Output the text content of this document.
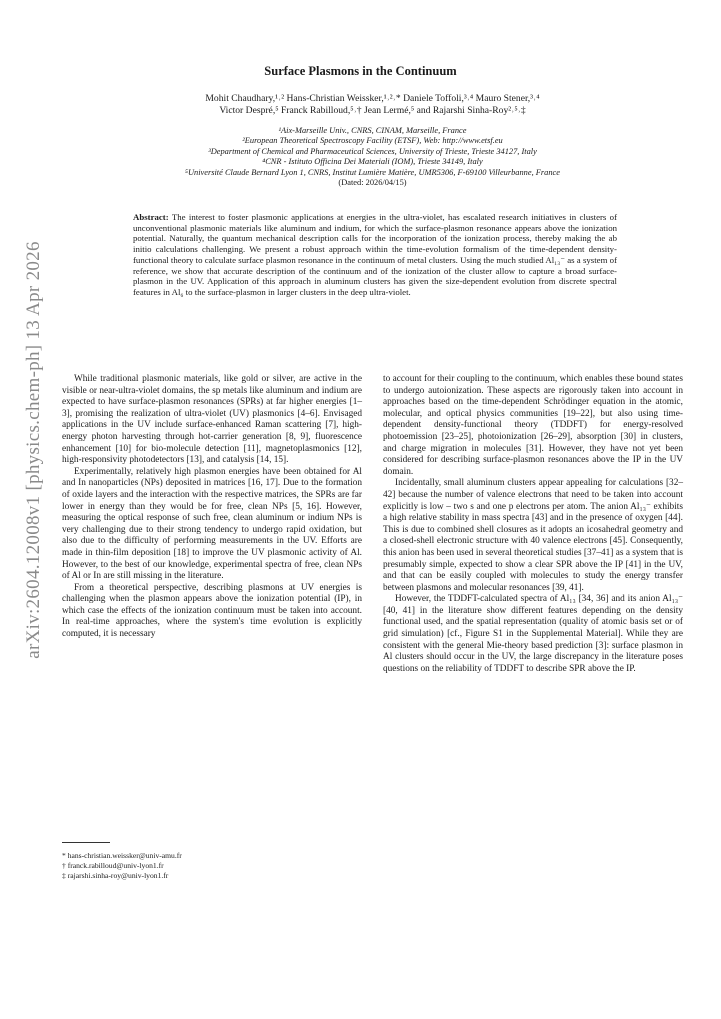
arXiv:2604.12008v1 [physics.chem-ph] 13 Apr 2026
Surface Plasmons in the Continuum
Mohit Chaudhary,¹˒² Hans-Christian Weissker,¹˒²˒* Daniele Toffoli,³˒⁴ Mauro Stener,³˒⁴
Victor Despré,⁵ Franck Rabilloud,⁵˒† Jean Lermé,⁵ and Rajarshi Sinha-Roy²˒⁵˒‡
¹Aix-Marseille Univ., CNRS, CINAM, Marseille, France
²European Theoretical Spectroscopy Facility (ETSF), Web: http://www.etsf.eu
³Department of Chemical and Pharmaceutical Sciences, University of Trieste, Trieste 34127, Italy
⁴CNR - Istituto Officina Dei Materiali (IOM), Trieste 34149, Italy
⁵Université Claude Bernard Lyon 1, CNRS, Institut Lumière Matière, UMR5306, F-69100 Villeurbanne, France
(Dated: 2026/04/15)
Abstract: The interest to foster plasmonic applications at energies in the ultra-violet, has escalated research initiatives in clusters of unconventional plasmonic materials like aluminum and indium, for which the surface-plasmon resonance appears above the ionization potential. Naturally, the quantum mechanical description calls for the incorporation of the ionization process, thereby making the ab initio calculations challenging. We present a robust approach within the time-evolution formalism of the time-dependent density-functional theory to calculate surface plasmon resonance in the continuum of metal clusters. Using the much studied Al₁₃⁻ as a system of reference, we show that accurate description of the continuum and of the ionization of the cluster allow to capture a broad surface-plasmon in the UV. Application of this approach in aluminum clusters has given the size-dependent evolution from discrete spectral features in Al₆ to the surface-plasmon in larger clusters in the deep ultra-violet.

While traditional plasmonic materials, like gold or silver, are active in the visible or near-ultra-violet domains, the sp metals like aluminum and indium are expected to have surface-plasmon resonances (SPRs) at far higher energies [1–3], promising the realization of ultra-violet (UV) plasmonics [4–6]. Envisaged applications in the UV include surface-enhanced Raman scattering [7], high-energy photon harvesting through hot-carrier generation [8, 9], fluorescence enhancement [10] for bio-molecule detection [11], magnetoplasmonics [12], high-responsivity photodetectors [13], and catalysis [14, 15].

Experimentally, relatively high plasmon energies have been obtained for Al and In nanoparticles (NPs) deposited in matrices [16, 17]. Due to the formation of oxide layers and the interaction with the respective matrices, the SPRs are far lower in energy than they would be for free, clean NPs [5, 16]. However, measuring the optical response of such free, clean aluminum or indium NPs is very challenging due to their strong tendency to undergo rapid oxidation, but also due to the difficulty of performing measurements in the UV. Efforts are made in thin-film deposition [18] to improve the UV plasmonic activity of Al. However, to the best of our knowledge, experimental spectra of free, clean NPs of Al or In are still missing in the literature.

From a theoretical perspective, describing plasmons at UV energies is challenging when the plasmon appears above the ionization potential (IP), in which case the effects of the ionization continuum must be taken into account. In real-time approaches, where the system's time evolution is explicitly computed, it is necessary

to account for their coupling to the continuum, which enables these bound states to undergo autoionization. These aspects are rigorously taken into account in approaches based on the time-dependent Schrödinger equation in the atomic, molecular, and optical physics communities [19–22], but also using time-dependent density-functional theory (TDDFT) for energy-resolved photoemission [23–25], photoionization [26–29], absorption [30] in clusters, and charge migration in molecules [31]. However, they have not yet been considered for describing surface-plasmon resonances above the IP in the UV domain.

Incidentally, small aluminum clusters appear appealing for calculations [32–42] because the number of valence electrons that need to be taken into account explicitly is low – two s and one p electrons per atom. The anion Al₁₃⁻ exhibits a high relative stability in mass spectra [43] and in the presence of oxygen [44]. This is due to combined shell closures as it adopts an icosahedral geometry and a closed-shell electronic structure with 40 valence electrons [45]. Consequently, this anion has been used in several theoretical studies [37–41] as a system that is presumably simple, expected to show a clear SPR above the IP [41] in the UV, and that can be easily coupled with molecules to study the energy transfer between plasmons and molecular resonances [39, 41].

However, the TDDFT-calculated spectra of Al₁₃ [34, 36] and its anion Al₁₃⁻ [40, 41] in the literature show different features depending on the density functional used, and the spatial representation (quality of atomic basis set or of grid simulation) [cf., Figure S1 in the Supplemental Material]. While they are consistent with the general Mie-theory based prediction [3]: surface plasmon in Al clusters should occur in the UV, the large discrepancy in the literature poses questions on the reliability of TDDFT to describe SPR above the IP.

* hans-christian.weissker@univ-amu.fr
† franck.rabilloud@univ-lyon1.fr
‡ rajarshi.sinha-roy@univ-lyon1.fr
